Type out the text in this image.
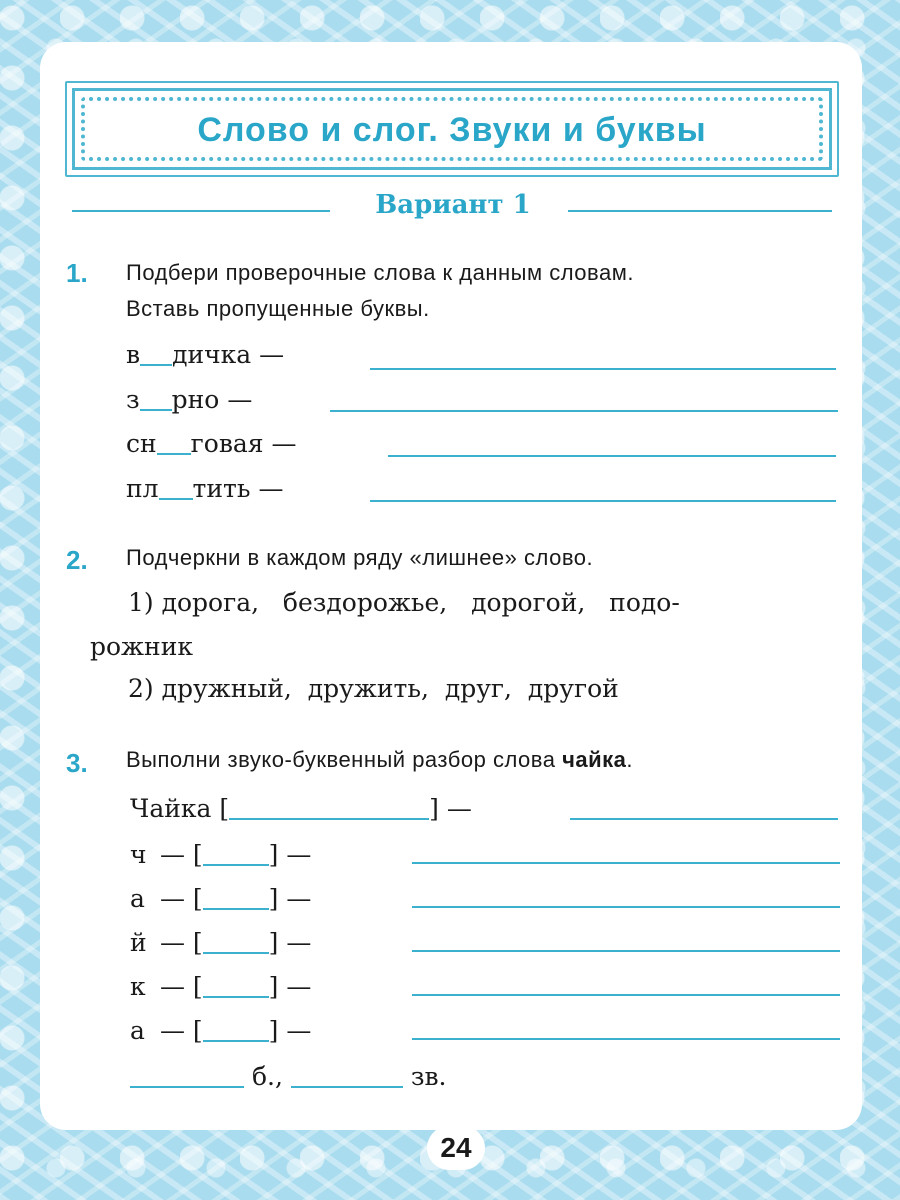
Слово и слог. Звуки и буквы
Вариант 1
1. Подбери проверочные слова к данным словам.
Вставь пропущенные буквы.
в дичка —
з рно —
сн говая —
пл тить —
2. Подчеркни в каждом ряду «лишнее» слово.
1) дорога,   бездорожье,   дорогой,   подо-
рожник
2) дружный,  дружить,  друг,  другой
3. Выполни звуко-буквенный разбор слова чайка.
Чайка [	] —
ч — [	] —
а — [	] —
й — [	] —
к — [	] —
а — [	] —
б.,	зв.
24
